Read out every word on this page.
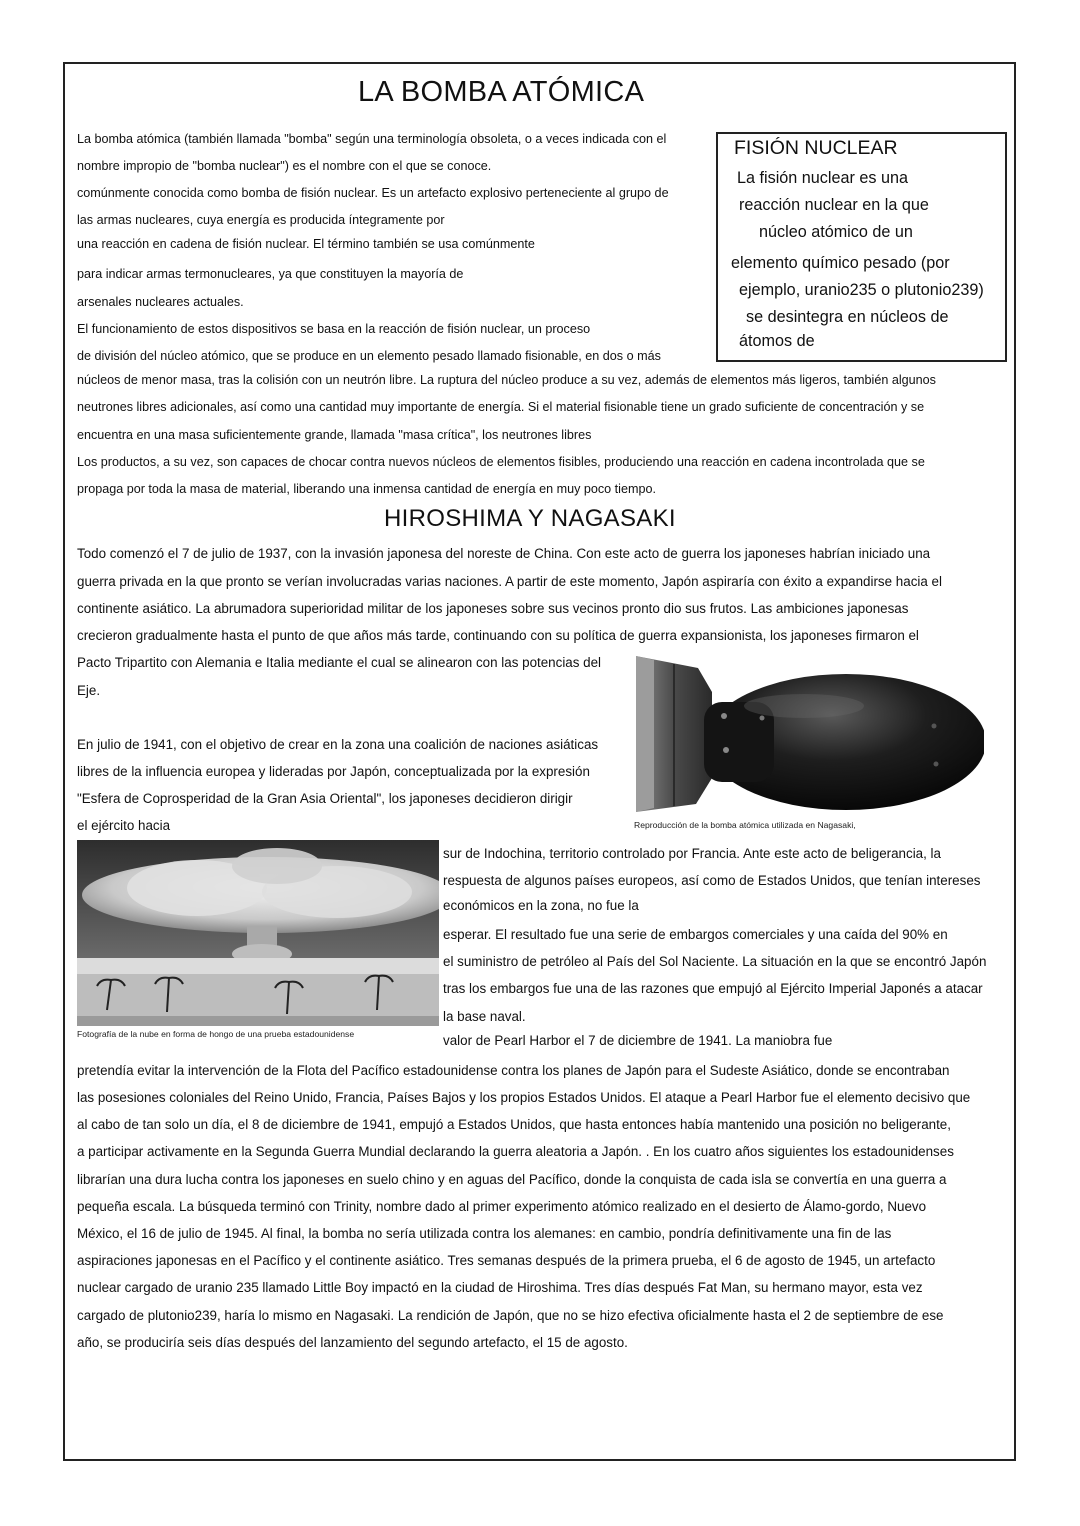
LA BOMBA ATÓMICA
La bomba atómica (también llamada "bomba" según una terminología obsoleta, o a veces indicada con el
nombre impropio de "bomba nuclear") es el nombre con el que se conoce.
comúnmente conocida como bomba de fisión nuclear. Es un artefacto explosivo perteneciente al grupo de
las armas nucleares, cuya energía es producida íntegramente por
una reacción en cadena de fisión nuclear. El término también se usa comúnmente
para indicar armas termonucleares, ya que constituyen la mayoría de
arsenales nucleares actuales.
El funcionamiento de estos dispositivos se basa en la reacción de fisión nuclear, un proceso
de división del núcleo atómico, que se produce en un elemento pesado llamado fisionable, en dos o más
núcleos de menor masa, tras la colisión con un neutrón libre. La ruptura del núcleo produce a su vez, además de elementos más ligeros, también algunos
neutrones libres adicionales, así como una cantidad muy importante de energía. Si el material fisionable tiene un grado suficiente de concentración y se
encuentra en una masa suficientemente grande, llamada "masa crítica", los neutrones libres
Los productos, a su vez, son capaces de chocar contra nuevos núcleos de elementos fisibles, produciendo una reacción en cadena incontrolada que se
propaga por toda la masa de material, liberando una inmensa cantidad de energía en muy poco tiempo.
FISIÓN NUCLEAR
La fisión nuclear es una
reacción nuclear en la que
núcleo atómico de un
elemento químico pesado (por
ejemplo, uranio235 o plutonio239)
se desintegra en núcleos de
átomos de
HIROSHIMA Y NAGASAKI
Todo comenzó el 7 de julio de 1937, con la invasión japonesa del noreste de China. Con este acto de guerra los japoneses habrían iniciado una
guerra privada en la que pronto se verían involucradas varias naciones. A partir de este momento, Japón aspiraría con éxito a expandirse hacia el
continente asiático. La abrumadora superioridad militar de los japoneses sobre sus vecinos pronto dio sus frutos. Las ambiciones japonesas
crecieron gradualmente hasta el punto de que años más tarde, continuando con su política de guerra expansionista, los japoneses firmaron el
Pacto Tripartito con Alemania e Italia mediante el cual se alinearon con las potencias del
Eje.
En julio de 1941, con el objetivo de crear en la zona una coalición de naciones asiáticas
libres de la influencia europea y lideradas por Japón, conceptualizada por la expresión
"Esfera de Coprosperidad de la Gran Asia Oriental", los japoneses decidieron dirigir
el ejército hacia
sur de Indochina, territorio controlado por Francia. Ante este acto de beligerancia, la
respuesta de algunos países europeos, así como de Estados Unidos, que tenían intereses
económicos en la zona, no fue la
esperar. El resultado fue una serie de embargos comerciales y una caída del 90% en
el suministro de petróleo al País del Sol Naciente. La situación en la que se encontró Japón
tras los embargos fue una de las razones que empujó al Ejército Imperial Japonés a atacar
la base naval.
valor de Pearl Harbor el 7 de diciembre de 1941. La maniobra fue
pretendía evitar la intervención de la Flota del Pacífico estadounidense contra los planes de Japón para el Sudeste Asiático, donde se encontraban
las posesiones coloniales del Reino Unido, Francia, Países Bajos y los propios Estados Unidos. El ataque a Pearl Harbor fue el elemento decisivo que
al cabo de tan solo un día, el 8 de diciembre de 1941, empujó a Estados Unidos, que hasta entonces había mantenido una posición no beligerante,
a participar activamente en la Segunda Guerra Mundial declarando la guerra aleatoria a Japón. . En los cuatro años siguientes los estadounidenses
librarían una dura lucha contra los japoneses en suelo chino y en aguas del Pacífico, donde la conquista de cada isla se convertía en una guerra a
pequeña escala. La búsqueda terminó con Trinity, nombre dado al primer experimento atómico realizado en el desierto de Álamo-gordo, Nuevo
México, el 16 de julio de 1945. Al final, la bomba no sería utilizada contra los alemanes: en cambio, pondría definitivamente una fin de las
aspiraciones japonesas en el Pacífico y el continente asiático. Tres semanas después de la primera prueba, el 6 de agosto de 1945, un artefacto
nuclear cargado de uranio 235 llamado Little Boy impactó en la ciudad de Hiroshima. Tres días después Fat Man, su hermano mayor, esta vez
cargado de plutonio239, haría lo mismo en Nagasaki. La rendición de Japón, que no se hizo efectiva oficialmente hasta el 2 de septiembre de ese
año, se produciría seis días después del lanzamiento del segundo artefacto, el 15 de agosto.
Reproducción de la bomba atómica utilizada en Nagasaki,
Fotografía de la nube en forma de hongo de una prueba estadounidense
